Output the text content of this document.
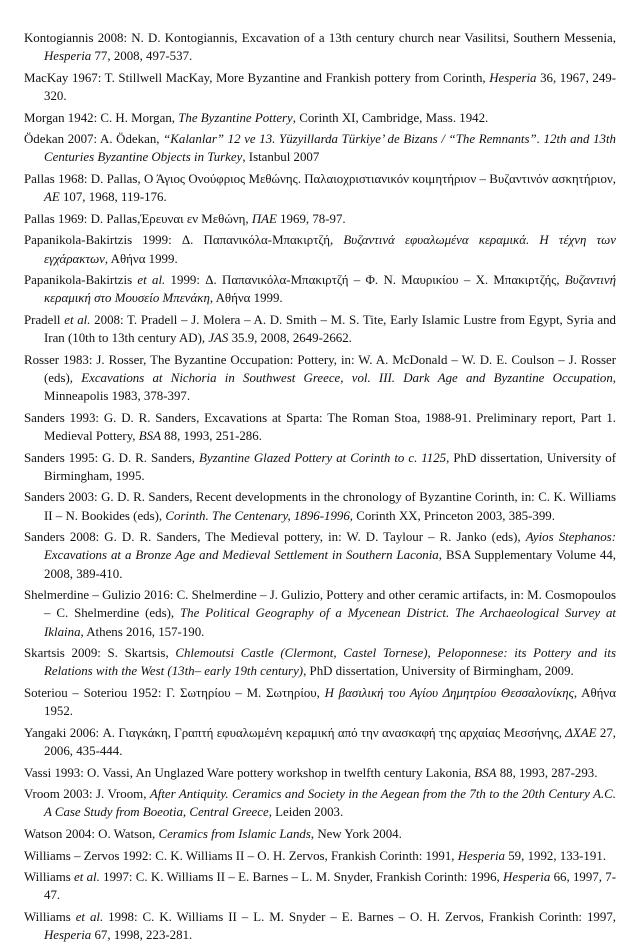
Kontogiannis 2008: N. D. Kontogiannis, Excavation of a 13th century church near Vasilitsi, Southern Messenia, Hesperia 77, 2008, 497-537.

MacKay 1967: T. Stillwell MacKay, More Byzantine and Frankish pottery from Corinth, Hesperia 36, 1967, 249-320.

Morgan 1942: C. H. Morgan, The Byzantine Pottery, Corinth XI, Cambridge, Mass. 1942.

Ödekan 2007: A. Ödekan, “Kalanlar” 12 ve 13. Yüzyillarda Türkiye’ de Bizans / “The Remnants”. 12th and 13th Centuries Byzantine Objects in Turkey, Istanbul 2007

Pallas 1968: D. Pallas, Ο Άγιος Ονούφριος Μεθώνης. Παλαιοχριστιανικόν κοιμητήριον – Βυζαντινόν ασκητήριον, AE 107, 1968, 119-176.

Pallas 1969: D. Pallas,Έρευναι εν Μεθώνη, ΠΑΕ 1969, 78-97.

Papanikola-Bakirtzis 1999: Δ. Παπανικόλα-Μπακιρτζή, Βυζαντινά εφυαλωμένα κεραμικά. Η τέχνη των εγχάρακτων, Αθήνα 1999.

Papanikola-Bakirtzis et al. 1999: Δ. Παπανικόλα-Μπακιρτζή – Φ. Ν. Μαυρικίου – Χ. Μπακιρτζής, Βυζαντινή κεραμική στο Μουσείο Μπενάκη, Αθήνα 1999.

Pradell et al. 2008: T. Pradell – J. Molera – A. D. Smith – M. S. Tite, Early Islamic Lustre from Egypt, Syria and Iran (10th to 13th century AD), JAS 35.9, 2008, 2649-2662.

Rosser 1983: J. Rosser, The Byzantine Occupation: Pottery, in: W. A. McDonald – W. D. E. Coulson – J. Rosser (eds), Excavations at Nichoria in Southwest Greece, vol. III. Dark Age and Byzantine Occupation, Minneapolis 1983, 378-397.

Sanders 1993: G. D. R. Sanders, Excavations at Sparta: The Roman Stoa, 1988-91. Preliminary report, Part 1. Medieval Pottery, BSA 88, 1993, 251-286.

Sanders 1995: G. D. R. Sanders, Byzantine Glazed Pottery at Corinth to c. 1125, PhD dissertation, University of Birmingham, 1995.

Sanders 2003: G. D. R. Sanders, Recent developments in the chronology of Byzantine Corinth, in: C. K. Williams II – N. Bookides (eds), Corinth. The Centenary, 1896-1996, Corinth XX, Princeton 2003, 385-399.

Sanders 2008: G. D. R. Sanders, The Medieval pottery, in: W. D. Taylour – R. Janko (eds), Ayios Stephanos: Excavations at a Bronze Age and Medieval Settlement in Southern Laconia, BSA Supplementary Volume 44, 2008, 389-410.

Shelmerdine – Gulizio 2016: C. Shelmerdine – J. Gulizio, Pottery and other ceramic artifacts, in: M. Cosmopoulos – C. Shelmerdine (eds), The Political Geography of a Mycenean District. The Archaeological Survey at Iklaina, Athens 2016, 157-190.

Skartsis 2009: S. Skartsis, Chlemoutsi Castle (Clermont, Castel Tornese), Peloponnese: its Pottery and its Relations with the West (13th– early 19th century), PhD dissertation, University of Birmingham, 2009.

Soteriou – Soteriou 1952: Γ. Σωτηρίου – Μ. Σωτηρίου, Η βασιλική του Αγίου Δημητρίου Θεσσαλονίκης, Αθήνα 1952.

Yangaki 2006: Α. Γιαγκάκη, Γραπτή εφυαλωμένη κεραμική από την ανασκαφή της αρχαίας Μεσσήνης, ΔΧΑΕ 27, 2006, 435-444.

Vassi 1993: O. Vassi, An Unglazed Ware pottery workshop in twelfth century Lakonia, BSA 88, 1993, 287-293.

Vroom 2003: J. Vroom, After Antiquity. Ceramics and Society in the Aegean from the 7th to the 20th Century A.C. A Case Study from Boeotia, Central Greece, Leiden 2003.

Watson 2004: O. Watson, Ceramics from Islamic Lands, New York 2004.

Williams – Zervos 1992: C. K. Williams II – O. H. Zervos, Frankish Corinth: 1991, Hesperia 59, 1992, 133-191.

Williams et al. 1997: C. K. Williams II – E. Barnes – L. M. Snyder, Frankish Corinth: 1996, Hesperia 66, 1997, 7-47.

Williams et al. 1998: C. K. Williams II – L. M. Snyder – E. Barnes – O. H. Zervos, Frankish Corinth: 1997, Hesperia 67, 1998, 223-281.
